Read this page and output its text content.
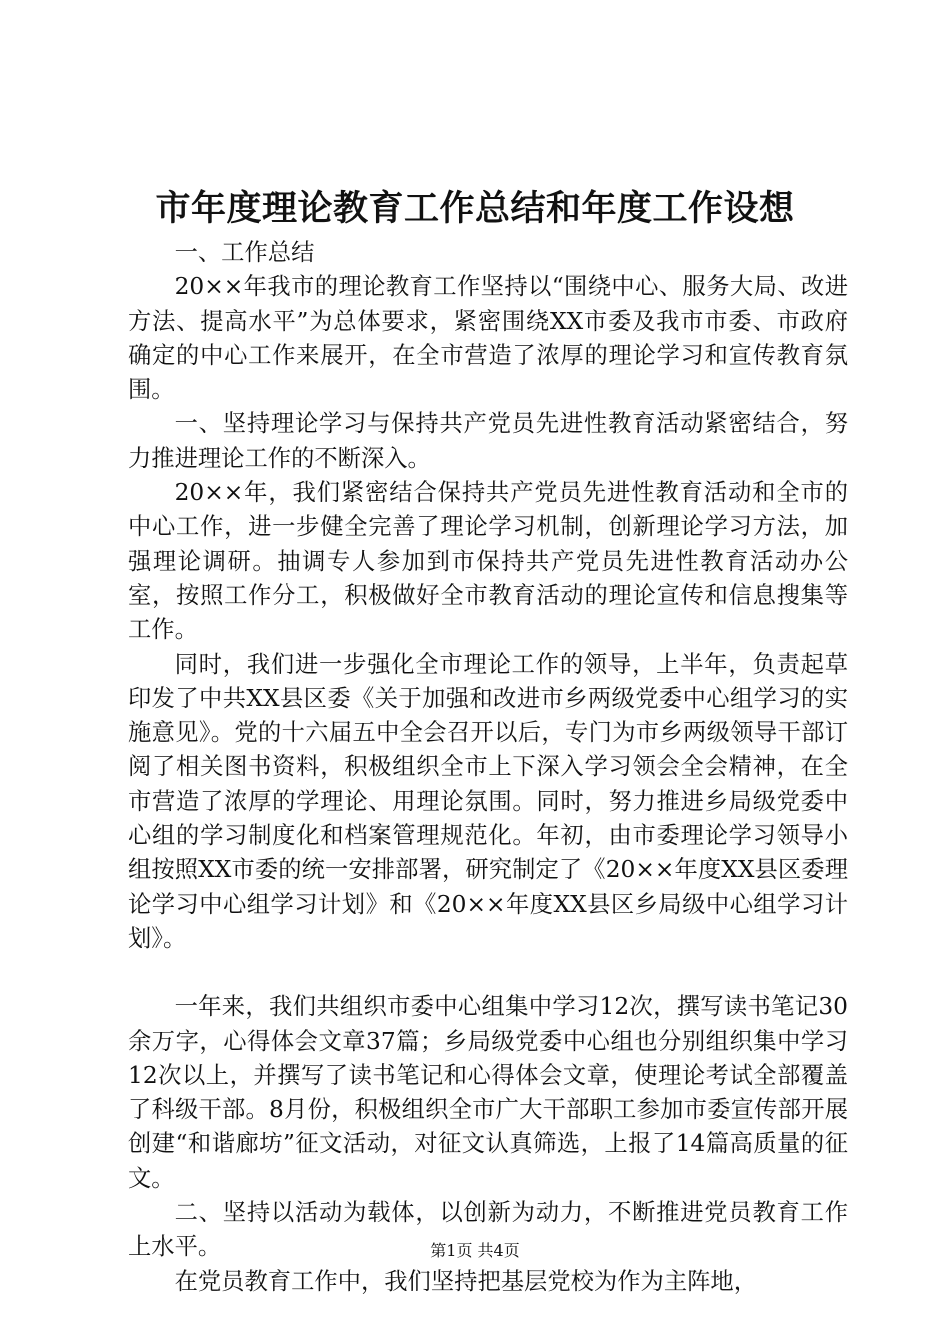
市年度理论教育工作总结和年度工作设想

一、工作总结

20××年我市的理论教育工作坚持以“围绕中心、服务大局、改进方法、提高水平”为总体要求，紧密围绕XX市委及我市市委、市政府确定的中心工作来展开，在全市营造了浓厚的理论学习和宣传教育氛围。

一、坚持理论学习与保持共产党员先进性教育活动紧密结合，努力推进理论工作的不断深入。

20××年，我们紧密结合保持共产党员先进性教育活动和全市的中心工作，进一步健全完善了理论学习机制，创新理论学习方法，加强理论调研。抽调专人参加到市保持共产党员先进性教育活动办公室，按照工作分工，积极做好全市教育活动的理论宣传和信息搜集等工作。

同时，我们进一步强化全市理论工作的领导，上半年，负责起草印发了中共XX县区委《关于加强和改进市乡两级党委中心组学习的实施意见》。党的十六届五中全会召开以后，专门为市乡两级领导干部订阅了相关图书资料，积极组织全市上下深入学习领会全会精神，在全市营造了浓厚的学理论、用理论氛围。同时，努力推进乡局级党委中心组的学习制度化和档案管理规范化。年初，由市委理论学习领导小组按照XX市委的统一安排部署，研究制定了《20××年度XX县区委理论学习中心组学习计划》和《20××年度XX县区乡局级中心组学习计划》。

一年来，我们共组织市委中心组集中学习12次，撰写读书笔记30余万字，心得体会文章37篇；乡局级党委中心组也分别组织集中学习12次以上，并撰写了读书笔记和心得体会文章，使理论考试全部覆盖了科级干部。8月份，积极组织全市广大干部职工参加市委宣传部开展创建“和谐廊坊”征文活动，对征文认真筛选，上报了14篇高质量的征文。

二、坚持以活动为载体，以创新为动力，不断推进党员教育工作上水平。

在党员教育工作中，我们坚持把基层党校为作为主阵地，

第1页 共4页
